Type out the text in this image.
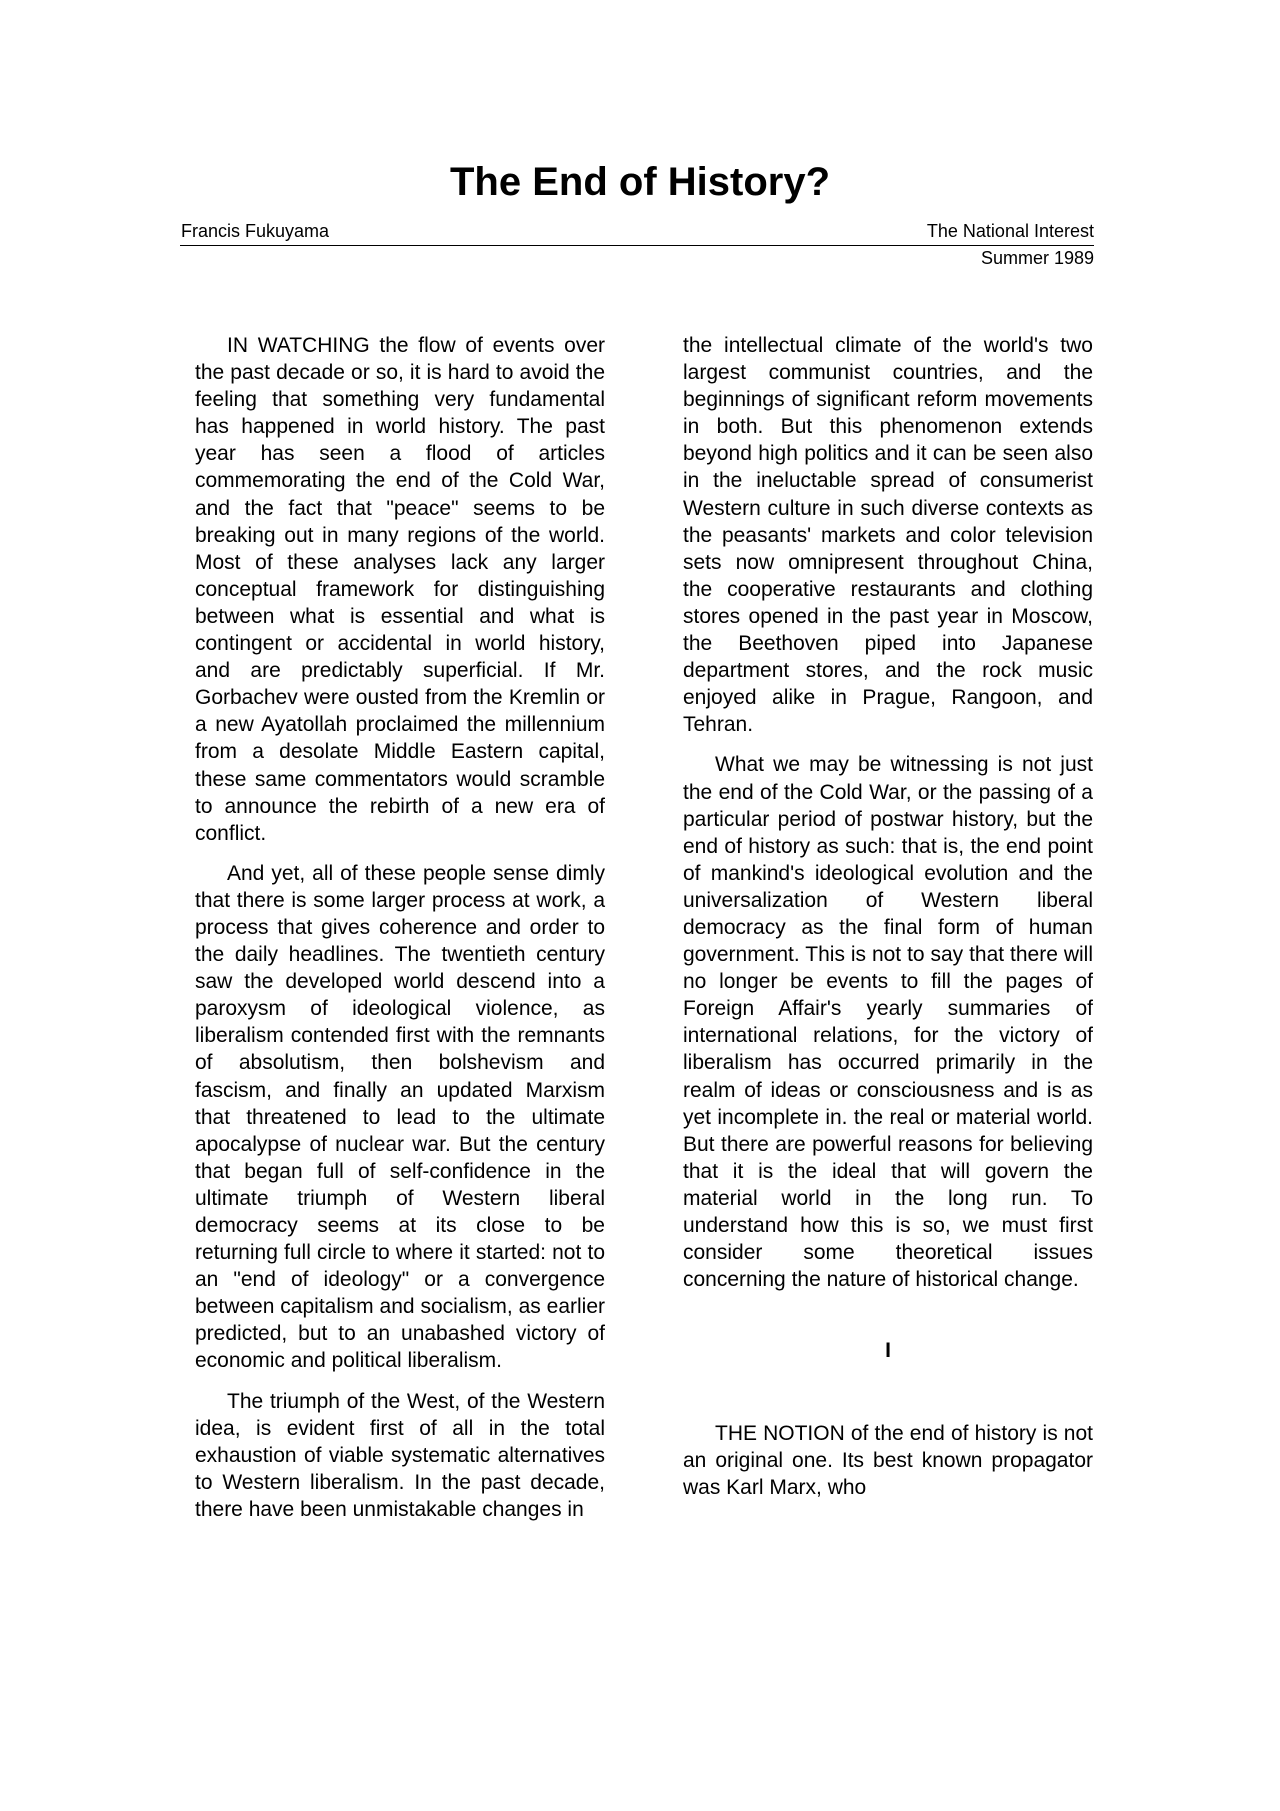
The End of History?
Francis Fukuyama	The National Interest
Summer 1989

IN WATCHING the flow of events over the past decade or so, it is hard to avoid the feeling that something very fundamental has happened in world history. The past year has seen a flood of articles commemorating the end of the Cold War, and the fact that "peace" seems to be breaking out in many regions of the world. Most of these analyses lack any larger conceptual framework for distinguishing between what is essential and what is contingent or accidental in world history, and are predictably superficial. If Mr. Gorbachev were ousted from the Kremlin or a new Ayatollah proclaimed the millennium from a desolate Middle Eastern capital, these same commentators would scramble to announce the rebirth of a new era of conflict.

And yet, all of these people sense dimly that there is some larger process at work, a process that gives coherence and order to the daily headlines. The twentieth century saw the developed world descend into a paroxysm of ideological violence, as liberalism contended first with the remnants of absolutism, then bolshevism and fascism, and finally an updated Marxism that threatened to lead to the ultimate apocalypse of nuclear war. But the century that began full of self-confidence in the ultimate triumph of Western liberal democracy seems at its close to be returning full circle to where it started: not to an "end of ideology" or a convergence between capitalism and socialism, as earlier predicted, but to an unabashed victory of economic and political liberalism.

The triumph of the West, of the Western idea, is evident first of all in the total exhaustion of viable systematic alternatives to Western liberalism. In the past decade, there have been unmistakable changes in

the intellectual climate of the world's two largest communist countries, and the beginnings of significant reform movements in both. But this phenomenon extends beyond high politics and it can be seen also in the ineluctable spread of consumerist Western culture in such diverse contexts as the peasants' markets and color television sets now omnipresent throughout China, the cooperative restaurants and clothing stores opened in the past year in Moscow, the Beethoven piped into Japanese department stores, and the rock music enjoyed alike in Prague, Rangoon, and Tehran.

What we may be witnessing is not just the end of the Cold War, or the passing of a particular period of postwar history, but the end of history as such: that is, the end point of mankind's ideological evolution and the universalization of Western liberal democracy as the final form of human government. This is not to say that there will no longer be events to fill the pages of Foreign Affair's yearly summaries of international relations, for the victory of liberalism has occurred primarily in the realm of ideas or consciousness and is as yet incomplete in. the real or material world. But there are powerful reasons for believing that it is the ideal that will govern the material world in the long run. To understand how this is so, we must first consider some theoretical issues concerning the nature of historical change.

I

THE NOTION of the end of history is not an original one. Its best known propagator was Karl Marx, who
